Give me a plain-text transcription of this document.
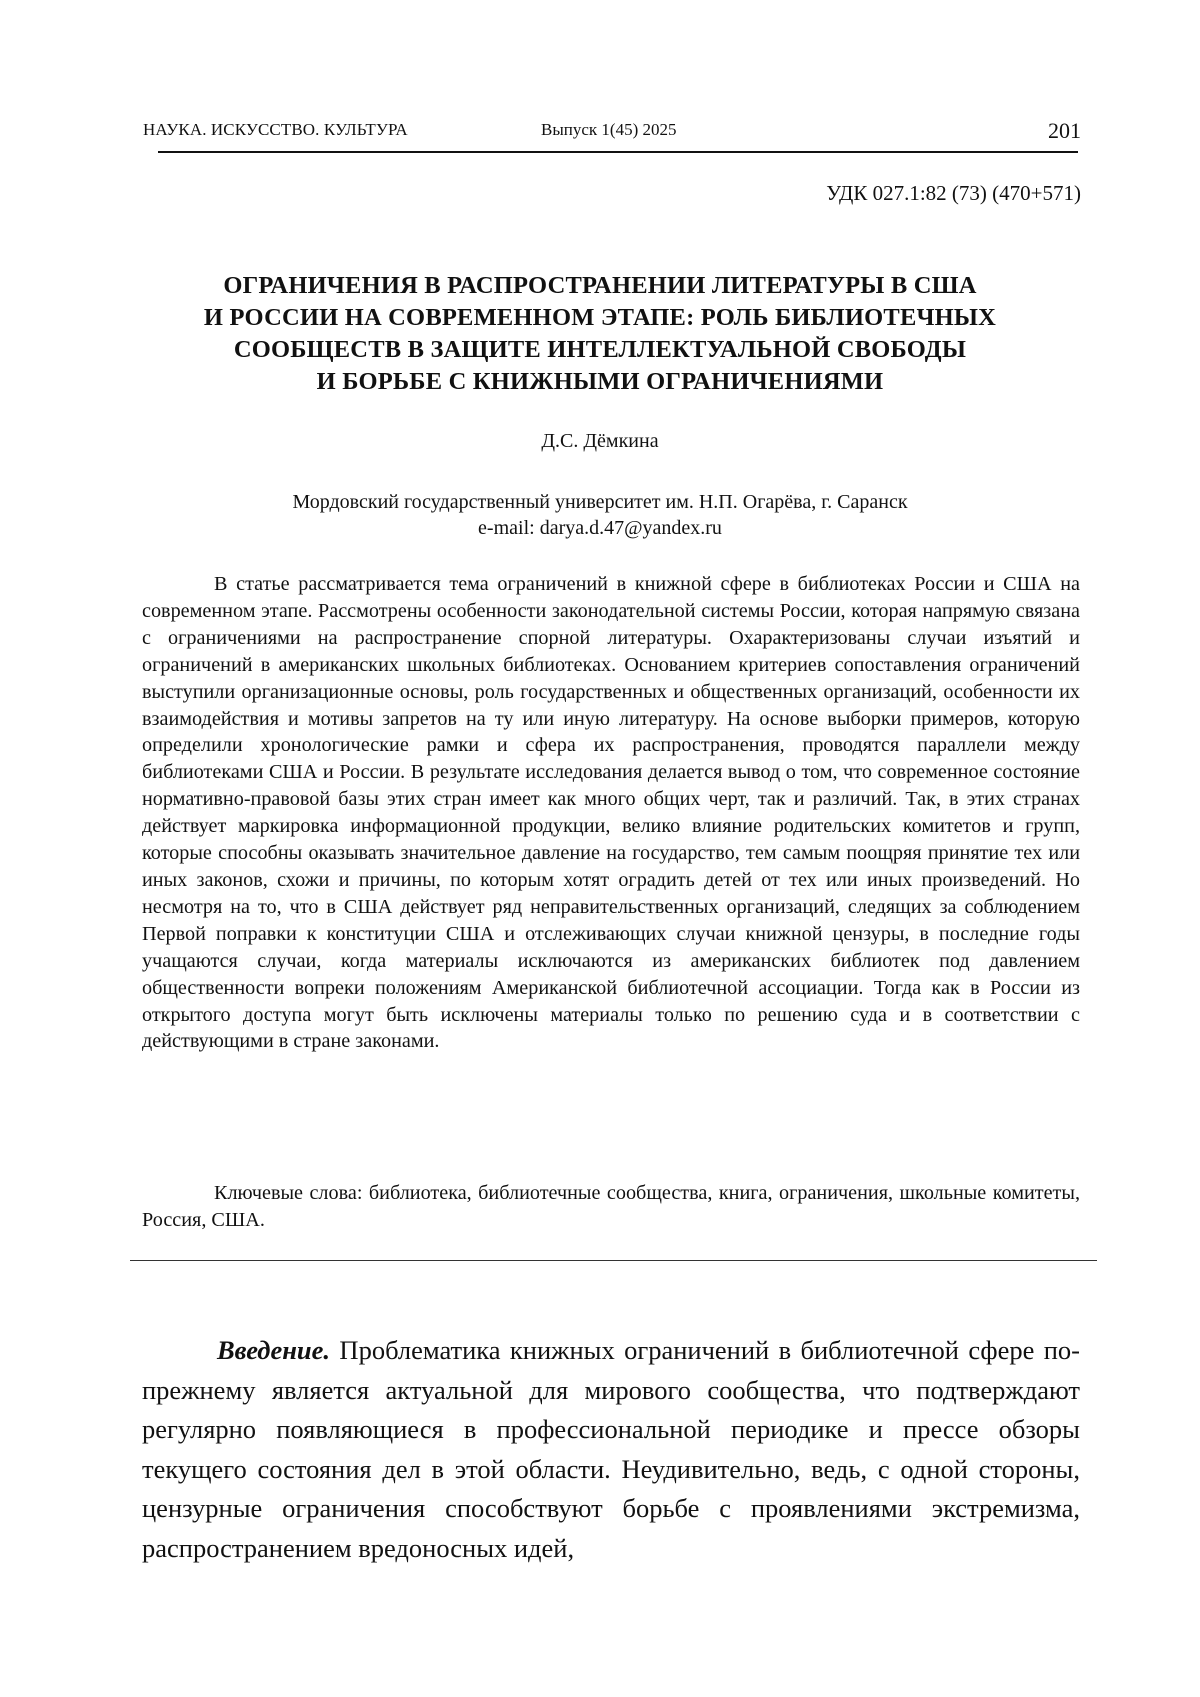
НАУКА. ИСКУССТВО. КУЛЬТУРА	Выпуск 1(45) 2025	201
УДК 027.1:82 (73) (470+571)
ОГРАНИЧЕНИЯ В РАСПРОСТРАНЕНИИ ЛИТЕРАТУРЫ В США
И РОССИИ НА СОВРЕМЕННОМ ЭТАПЕ: РОЛЬ БИБЛИОТЕЧНЫХ
СООБЩЕСТВ В ЗАЩИТЕ ИНТЕЛЛЕКТУАЛЬНОЙ СВОБОДЫ
И БОРЬБЕ С КНИЖНЫМИ ОГРАНИЧЕНИЯМИ
Д.С. Дёмкина
Мордовский государственный университет им. Н.П. Огарёва, г. Саранск
e-mail: darya.d.47@yandex.ru

В статье рассматривается тема ограничений в книжной сфере в библиотеках России и США на современном этапе. Рассмотрены особенности законодательной системы России, которая напрямую связана с ограничениями на распространение спорной литературы. Охарактеризованы случаи изъятий и ограничений в американских школьных библиотеках. Основанием критериев сопоставления ограничений выступили организационные основы, роль государственных и общественных организаций, особенности их взаимодействия и мотивы запретов на ту или иную литературу. На основе выборки примеров, которую определили хронологические рамки и сфера их распространения, проводятся параллели между библиотеками США и России. В результате исследования делается вывод о том, что современное состояние нормативно-правовой базы этих стран имеет как много общих черт, так и различий. Так, в этих странах действует маркировка информационной продукции, велико влияние родительских комитетов и групп, которые способны оказывать значительное давление на государство, тем самым поощряя принятие тех или иных законов, схожи и причины, по которым хотят оградить детей от тех или иных произведений. Но несмотря на то, что в США действует ряд неправительственных организаций, следящих за соблюдением Первой поправки к конституции США и отслеживающих случаи книжной цензуры, в последние годы учащаются случаи, когда материалы исключаются из американских библиотек под давлением общественности вопреки положениям Американской библиотечной ассоциации. Тогда как в России из открытого доступа могут быть исключены материалы только по решению суда и в соответствии с действующими в стране законами.

Ключевые слова: библиотека, библиотечные сообщества, книга, ограничения, школьные комитеты, Россия, США.

Введение. Проблематика книжных ограничений в библиотечной сфере по-прежнему является актуальной для мирового сообщества, что подтверждают регулярно появляющиеся в профессиональной периодике и прессе обзоры текущего состояния дел в этой области. Неудивительно, ведь, с одной стороны, цензурные ограничения способствуют борьбе с проявлениями экстремизма, распространением вредоносных идей,
